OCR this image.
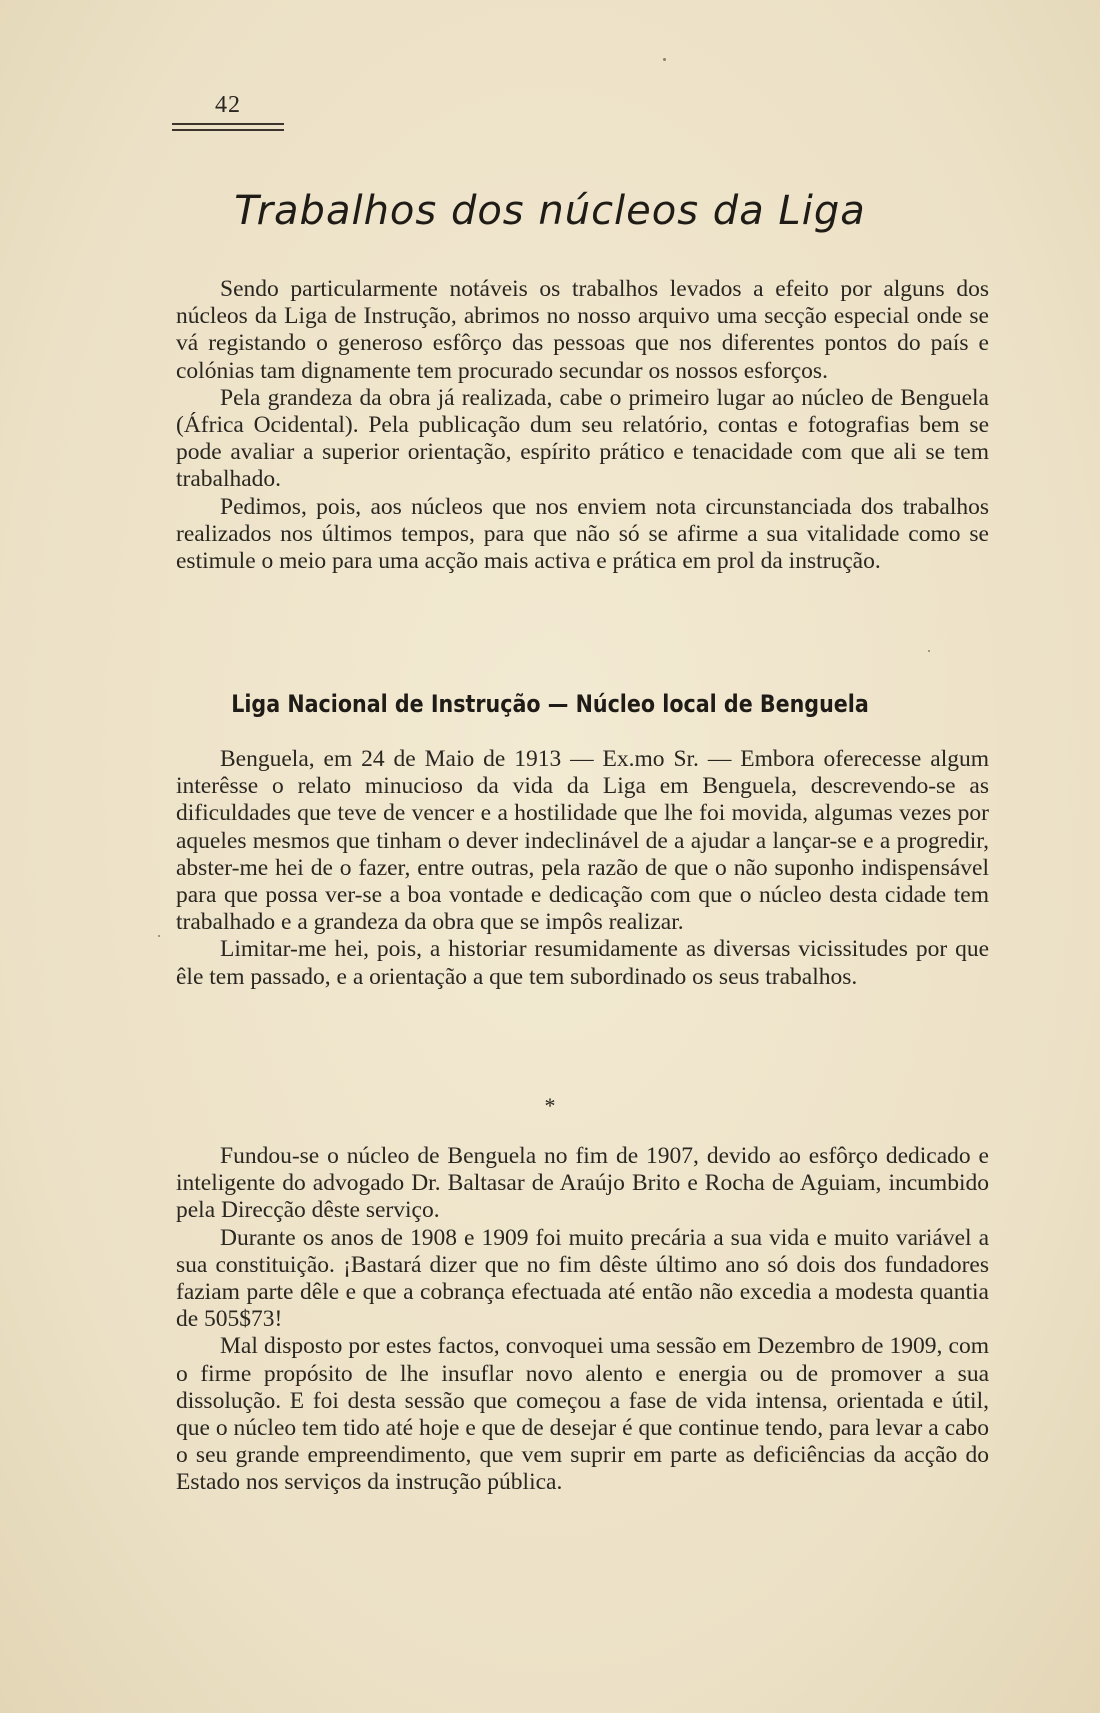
42
Trabalhos dos núcleos da Liga

Sendo particularmente notáveis os trabalhos levados a efeito por alguns dos núcleos da Liga de Instrução, abrimos no nosso arquivo uma secção especial onde se vá registando o generoso esfôrço das pessoas que nos diferentes pontos do país e colónias tam dignamente tem procurado secundar os nossos esforços.

Pela grandeza da obra já realizada, cabe o primeiro lugar ao núcleo de Benguela (África Ocidental). Pela publicação dum seu relatório, contas e fotografias bem se pode avaliar a superior orientação, espírito prático e tenacidade com que ali se tem trabalhado.

Pedimos, pois, aos núcleos que nos enviem nota circunstanciada dos trabalhos realizados nos últimos tempos, para que não só se afirme a sua vitalidade como se estimule o meio para uma acção mais activa e prática em prol da instrução.

Liga Nacional de Instrução — Núcleo local de Benguela

Benguela, em 24 de Maio de 1913 — Ex.mo Sr. — Embora oferecesse algum interêsse o relato minucioso da vida da Liga em Benguela, descrevendo-se as dificuldades que teve de vencer e a hostilidade que lhe foi movida, algumas vezes por aqueles mesmos que tinham o dever indeclinável de a ajudar a lançar-se e a progredir, abster-me hei de o fazer, entre outras, pela razão de que o não suponho indispensável para que possa ver-se a boa vontade e dedicação com que o núcleo desta cidade tem trabalhado e a grandeza da obra que se impôs realizar.

Limitar-me hei, pois, a historiar resumidamente as diversas vicissitudes por que êle tem passado, e a orientação a que tem subordinado os seus trabalhos.

*

Fundou-se o núcleo de Benguela no fim de 1907, devido ao esfôrço dedicado e inteligente do advogado Dr. Baltasar de Araújo Brito e Rocha de Aguiam, incumbido pela Direcção dêste serviço.

Durante os anos de 1908 e 1909 foi muito precária a sua vida e muito variável a sua constituição. ¡Bastará dizer que no fim dêste último ano só dois dos fundadores faziam parte dêle e que a cobrança efectuada até então não excedia a modesta quantia de 505$73!

Mal disposto por estes factos, convoquei uma sessão em Dezembro de 1909, com o firme propósito de lhe insuflar novo alento e energia ou de promover a sua dissolução. E foi desta sessão que começou a fase de vida intensa, orientada e útil, que o núcleo tem tido até hoje e que de desejar é que continue tendo, para levar a cabo o seu grande empreendimento, que vem suprir em parte as deficiências da acção do Estado nos serviços da instrução pública.
